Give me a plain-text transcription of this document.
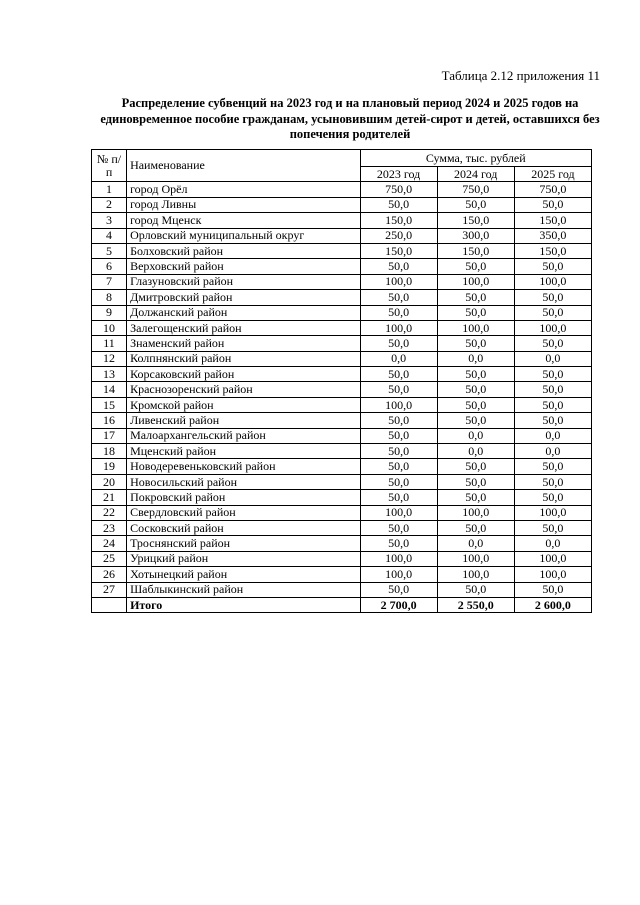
Таблица 2.12 приложения 11
Распределение субвенций на 2023 год и на плановый период 2024 и 2025 годов на единовременное пособие гражданам, усыновившим детей-сирот и детей, оставшихся без попечения родителей
№ п/п	Наименование	Сумма, тыс. рублей		
		2023 год	2024 год	2025 год
1	город Орёл	750,0	750,0	750,0
2	город Ливны	50,0	50,0	50,0
3	город Мценск	150,0	150,0	150,0
4	Орловский муниципальный округ	250,0	300,0	350,0
5	Болховский район	150,0	150,0	150,0
6	Верховский район	50,0	50,0	50,0
7	Глазуновский район	100,0	100,0	100,0
8	Дмитровский район	50,0	50,0	50,0
9	Должанский район	50,0	50,0	50,0
10	Залегощенский район	100,0	100,0	100,0
11	Знаменский район	50,0	50,0	50,0
12	Колпнянский район	0,0	0,0	0,0
13	Корсаковский район	50,0	50,0	50,0
14	Краснозоренский район	50,0	50,0	50,0
15	Кромской район	100,0	50,0	50,0
16	Ливенский район	50,0	50,0	50,0
17	Малоархангельский район	50,0	0,0	0,0
18	Мценский район	50,0	0,0	0,0
19	Новодеревеньковский район	50,0	50,0	50,0
20	Новосильский район	50,0	50,0	50,0
21	Покровский район	50,0	50,0	50,0
22	Свердловский район	100,0	100,0	100,0
23	Сосковский район	50,0	50,0	50,0
24	Троснянский район	50,0	0,0	0,0
25	Урицкий район	100,0	100,0	100,0
26	Хотынецкий район	100,0	100,0	100,0
27	Шаблыкинский район	50,0	50,0	50,0
	Итого	2 700,0	2 550,0	2 600,0
